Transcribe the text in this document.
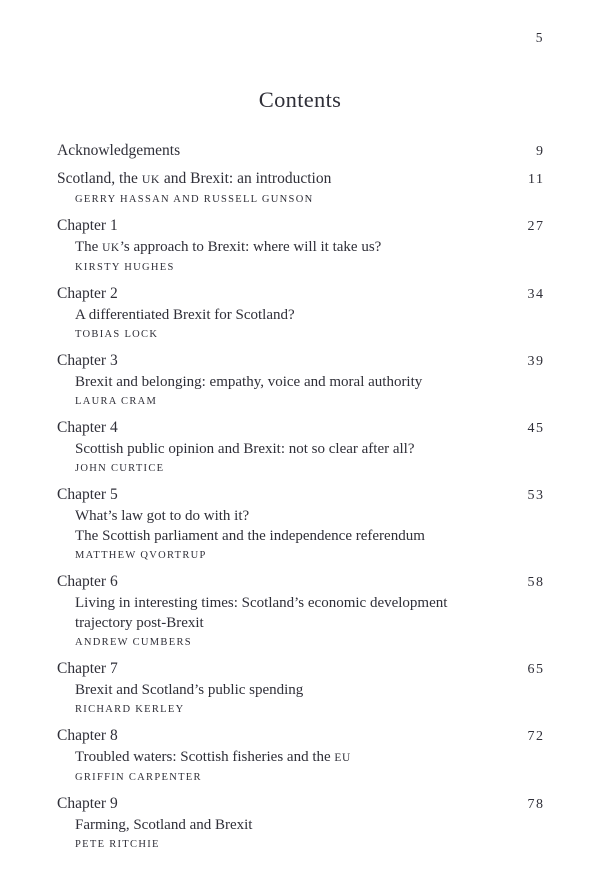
5
Contents
Acknowledgements	9
Scotland, the UK and Brexit: an introduction	11
GERRY HASSAN AND RUSSELL GUNSON
Chapter 1	27
The UK’s approach to Brexit: where will it take us?
KIRSTY HUGHES
Chapter 2	34
A differentiated Brexit for Scotland?
TOBIAS LOCK
Chapter 3	39
Brexit and belonging: empathy, voice and moral authority
LAURA CRAM
Chapter 4	45
Scottish public opinion and Brexit: not so clear after all?
JOHN CURTICE
Chapter 5	53
What’s law got to do with it?
The Scottish parliament and the independence referendum
MATTHEW QVORTRUP
Chapter 6	58
Living in interesting times: Scotland’s economic development
trajectory post-Brexit
ANDREW CUMBERS
Chapter 7	65
Brexit and Scotland’s public spending
RICHARD KERLEY
Chapter 8	72
Troubled waters: Scottish fisheries and the EU
GRIFFIN CARPENTER
Chapter 9	78
Farming, Scotland and Brexit
PETE RITCHIE
